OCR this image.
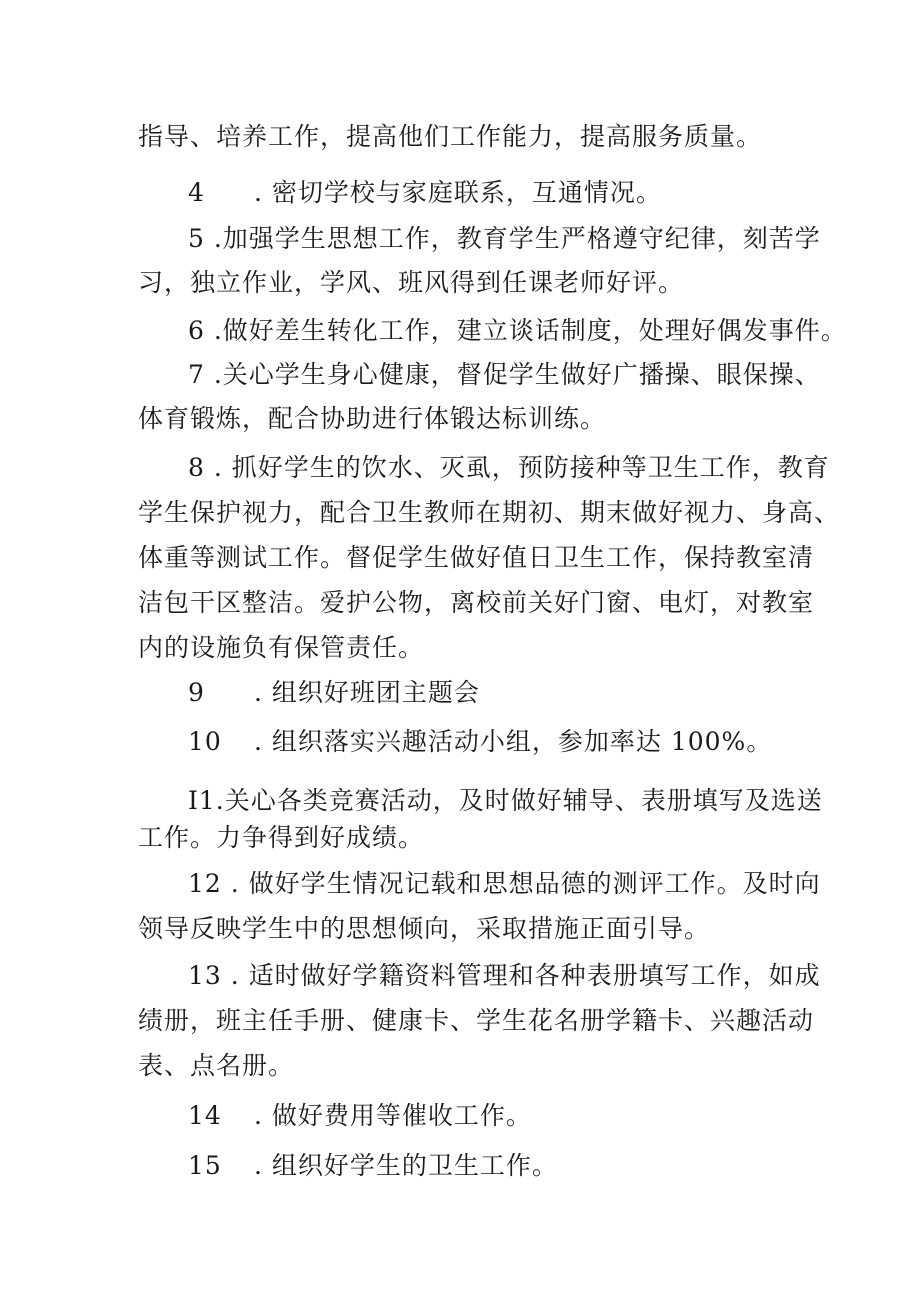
指导、培养工作，提高他们工作能力，提高服务质量。
4 . 密切学校与家庭联系，互通情况。
5 .加强学生思想工作，教育学生严格遵守纪律，刻苦学
习，独立作业，学风、班风得到任课老师好评。
6 .做好差生转化工作，建立谈话制度，处理好偶发事件。
7 .关心学生身心健康，督促学生做好广播操、眼保操、
体育锻炼，配合协助进行体锻达标训练。
8 . 抓好学生的饮水、灭虱，预防接种等卫生工作，教育
学生保护视力，配合卫生教师在期初、期末做好视力、身高、
体重等测试工作。督促学生做好值日卫生工作，保持教室清
洁包干区整洁。爱护公物，离校前关好门窗、电灯，对教室
内的设施负有保管责任。
9 . 组织好班团主题会
10 . 组织落实兴趣活动小组，参加率达 100%。
I1.关心各类竞赛活动，及时做好辅导、表册填写及选送
工作。力争得到好成绩。
12 . 做好学生情况记载和思想品德的测评工作。及时向
领导反映学生中的思想倾向，采取措施正面引导。
13 . 适时做好学籍资料管理和各种表册填写工作，如成
绩册，班主任手册、健康卡、学生花名册学籍卡、兴趣活动
表、点名册。
14 . 做好费用等催收工作。
15 . 组织好学生的卫生工作。
